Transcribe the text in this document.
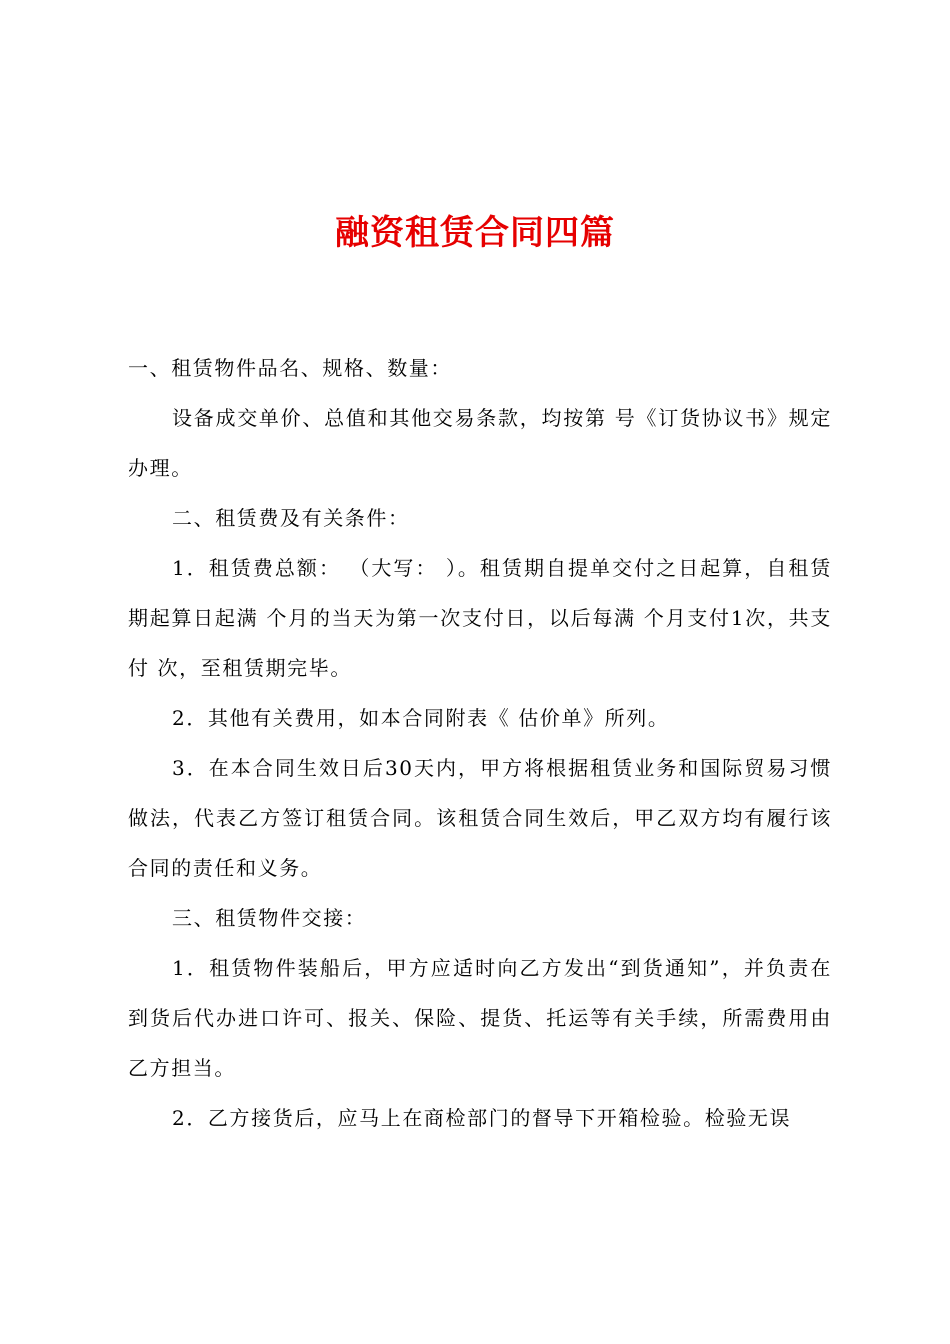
融资租赁合同四篇

一、租赁物件品名、规格、数量：

设备成交单价、总值和其他交易条款，均按第 号《订货协议书》规定办理。

二、租赁费及有关条件：

1．租赁费总额： （大写： ）。租赁期自提单交付之日起算，自租赁期起算日起满 个月的当天为第一次支付日，以后每满 个月支付1次，共支付 次，至租赁期完毕。

2．其他有关费用，如本合同附表《 估价单》所列。

3．在本合同生效日后30天内，甲方将根据租赁业务和国际贸易习惯做法，代表乙方签订租赁合同。该租赁合同生效后，甲乙双方均有履行该合同的责任和义务。

三、租赁物件交接：

1．租赁物件装船后，甲方应适时向乙方发出“到货通知”，并负责在到货后代办进口许可、报关、保险、提货、托运等有关手续，所需费用由乙方担当。

2．乙方接货后，应马上在商检部门的督导下开箱检验。检验无误
